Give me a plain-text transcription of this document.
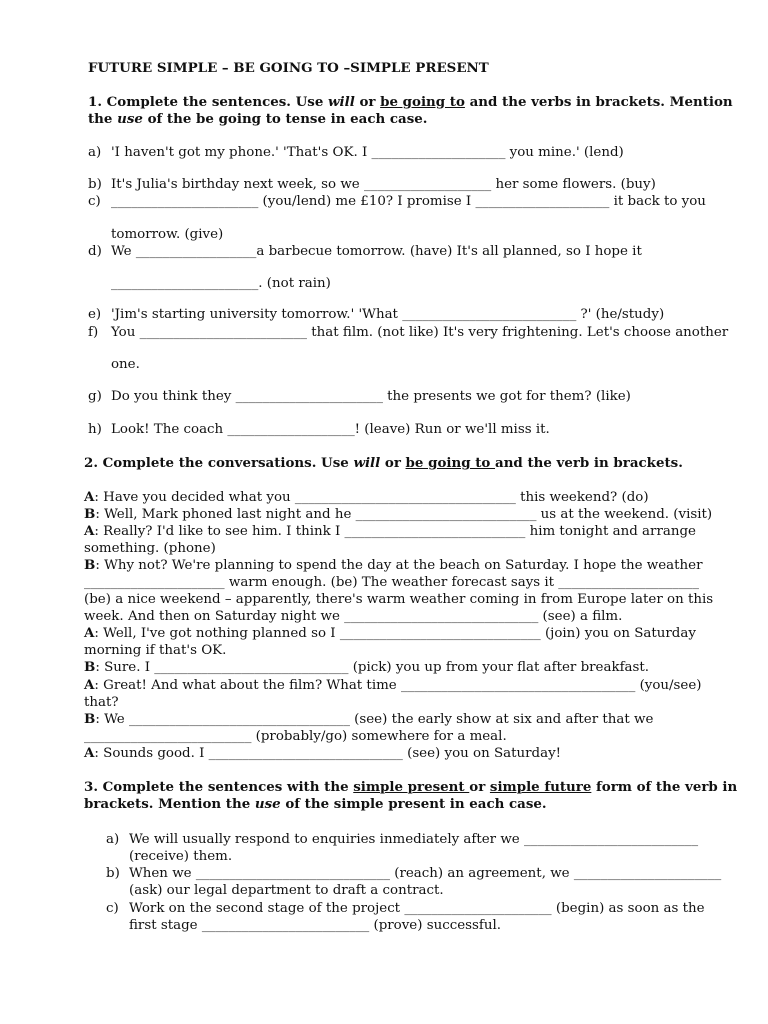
FUTURE SIMPLE – BE GOING TO –SIMPLE PRESENT
1. Complete the sentences. Use will or be going to and the verbs in brackets. Mention
the use of the be going to tense in each case.
a) 'I haven't got my phone.' 'That's OK. I ____________________ you mine.' (lend)
b) It's Julia's birthday next week, so we ___________________ her some flowers. (buy)
c) ______________________ (you/lend) me £10? I promise I ____________________ it back to you
tomorrow. (give)
d) We __________________a barbecue tomorrow. (have) It's all planned, so I hope it
______________________. (not rain)
e) 'Jim's starting university tomorrow.' 'What __________________________ ?' (he/study)
f) You _________________________ that film. (not like) It's very frightening. Let's choose another
one.
g) Do you think they ______________________ the presents we got for them? (like)
h) Look! The coach ___________________! (leave) Run or we'll miss it.
2. Complete the conversations. Use will or be going to and the verb in brackets.
A: Have you decided what you _________________________________ this weekend? (do)
B: Well, Mark phoned last night and he ___________________________ us at the weekend. (visit)
A: Really? I'd like to see him. I think I ___________________________ him tonight and arrange
something. (phone)
B: Why not? We're planning to spend the day at the beach on Saturday. I hope the weather
_____________________ warm enough. (be) The weather forecast says it _____________________
(be) a nice weekend – apparently, there's warm weather coming in from Europe later on this
week. And then on Saturday night we _____________________________ (see) a film.
A: Well, I've got nothing planned so I ______________________________ (join) you on Saturday
morning if that's OK.
B: Sure. I _____________________________ (pick) you up from your flat after breakfast.
A: Great! And what about the film? What time ___________________________________ (you/see)
that?
B: We _________________________________ (see) the early show at six and after that we
_________________________ (probably/go) somewhere for a meal.
A: Sounds good. I _____________________________ (see) you on Saturday!
3. Complete the sentences with the simple present or simple future form of the verb in
brackets. Mention the use of the simple present in each case.
a) We will usually respond to enquiries inmediately after we __________________________
(receive) them.
b) When we _____________________________ (reach) an agreement, we ______________________
(ask) our legal department to draft a contract.
c) Work on the second stage of the project ______________________ (begin) as soon as the
first stage _________________________ (prove) successful.
